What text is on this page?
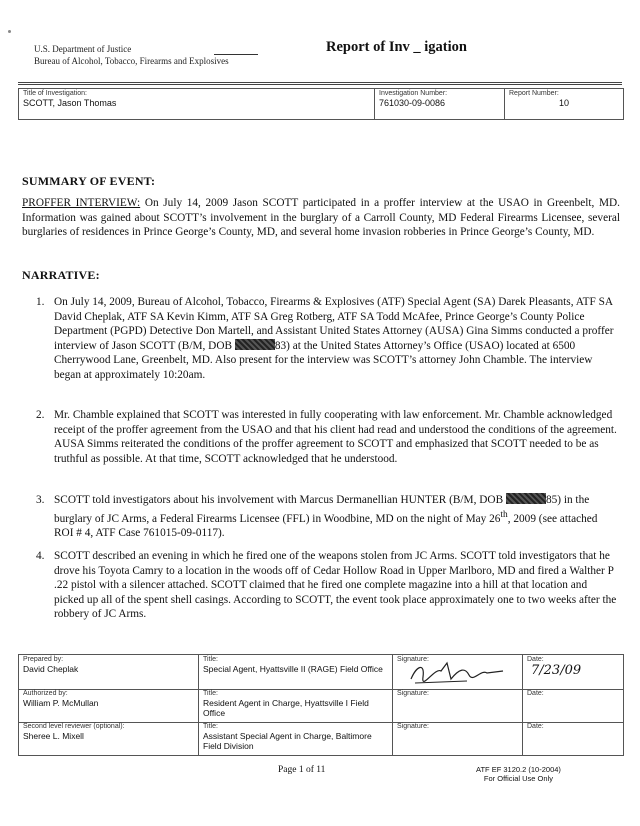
U.S. Department of Justice
Bureau of Alcohol, Tobacco, Firearms and Explosives
Report of Inv _ igation
Title of Investigation:
SCOTT, Jason Thomas
Investigation Number:
761030-09-0086
Report Number:
10
SUMMARY OF EVENT:
PROFFER INTERVIEW: On July 14, 2009 Jason SCOTT participated in a proffer interview at the USAO in Greenbelt, MD. Information was gained about SCOTT’s involvement in the burglary of a Carroll County, MD Federal Firearms Licensee, several burglaries of residences in Prince George’s County, MD, and several home invasion robberies in Prince George’s County, MD.
NARRATIVE:
1. On July 14, 2009, Bureau of Alcohol, Tobacco, Firearms & Explosives (ATF) Special Agent (SA) Darek Pleasants, ATF SA David Cheplak, ATF SA Kevin Kimm, ATF SA Greg Rotberg, ATF SA Todd McAfee, Prince George’s County Police Department (PGPD) Detective Don Martell, and Assistant United States Attorney (AUSA) Gina Simms conducted a proffer interview of Jason SCOTT (B/M, DOB	83) at the United States Attorney’s Office (USAO) located at 6500 Cherrywood Lane, Greenbelt, MD. Also present for the interview was SCOTT’s attorney John Chamble. The interview began at approximately 10:20am.
2. Mr. Chamble explained that SCOTT was interested in fully cooperating with law enforcement. Mr. Chamble acknowledged receipt of the proffer agreement from the USAO and that his client had read and understood the conditions of the agreement. AUSA Simms reiterated the conditions of the proffer agreement to SCOTT and emphasized that SCOTT needed to be as truthful as possible. At that time, SCOTT acknowledged that he understood.
3. SCOTT told investigators about his involvement with Marcus Dermanellian HUNTER (B/M, DOB	85) in the burglary of JC Arms, a Federal Firearms Licensee (FFL) in Woodbine, MD on the night of May 26th, 2009 (see attached ROI # 4, ATF Case 761015-09-0117).
4. SCOTT described an evening in which he fired one of the weapons stolen from JC Arms. SCOTT told investigators that he drove his Toyota Camry to a location in the woods off of Cedar Hollow Road in Upper Marlboro, MD and fired a Walther P .22 pistol with a silencer attached. SCOTT claimed that he fired one complete magazine into a hill at that location and picked up all of the spent shell casings. According to SCOTT, the event took place approximately one to two weeks after the robbery of JC Arms.
Prepared by:
David Cheplak
Title:
Special Agent, Hyattsville II (RAGE) Field Office
Signature:	Date:
7/23/09
Authorized by:
William P. McMullan
Title:
Resident Agent in Charge, Hyattsville I Field Office
Signature:	Date:
Second level reviewer (optional):
Sheree L. Mixell
Title:
Assistant Special Agent in Charge, Baltimore Field Division
Signature:	Date:
Page 1 of 11	ATF EF 3120.2 (10-2004)
For Official Use Only
